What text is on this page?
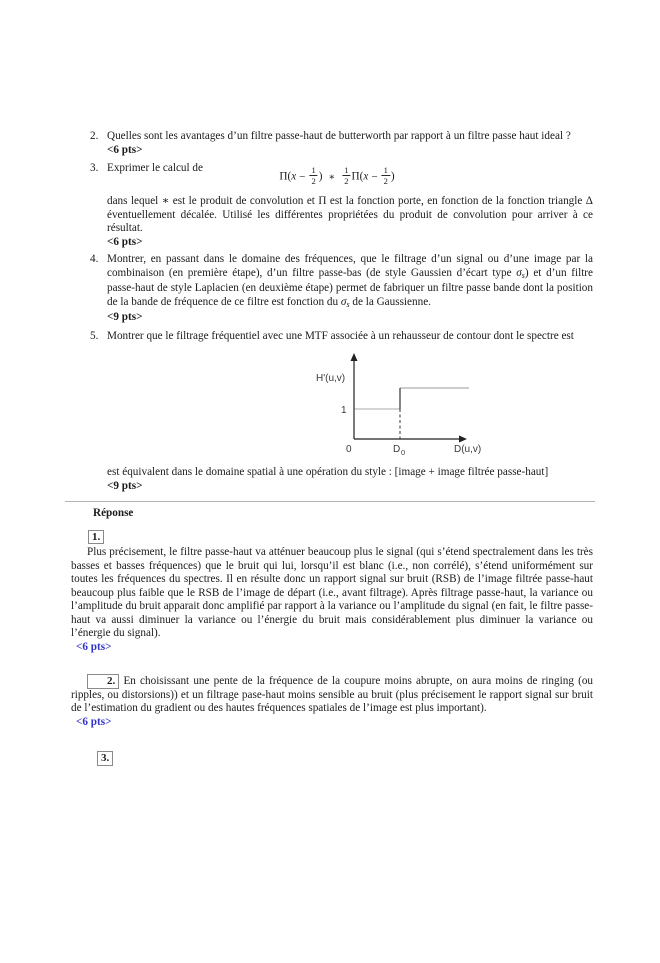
2. Quelles sont les avantages d’un filtre passe-haut de butterworth par rapport à un filtre passe haut ideal ?
<6 pts>
3. Exprimer le calcul de
$\Pi(x - \frac{1}{2}$ ) ∗ $\frac{1}{2} \Pi(x - \frac{1}{2}$ )
dans lequel ∗ est le produit de convolution et Π est la fonction porte, en fonction de la fonction triangle Δ éventuellement décalée. Utilisé les différentes propriétées du produit de convolution pour arriver à ce résultat.
<6 pts>
4. Montrer, en passant dans le domaine des fréquences, que le filtrage d’un signal ou d’une image par la combinaison (en première étape), d’un filtre passe-bas (de style Gaussien d’écart type $\sigma_s$) et d’un filtre passe-haut de style Laplacien (en deuxième étape) permet de fabriquer un filtre passe bande dont la position de la bande de fréquence de ce filtre est fonction du $\sigma_s$ de la Gaussienne.
<9 pts>
5. Montrer que le filtrage fréquentiel avec une MTF associée à un rehausseur de contour dont le spectre est
H'(u,v)
1
0	D 0	D(u,v)
est équivalent dans le domaine spatial à une opération du style : [image + image filtrée passe-haut]
<9 pts>
Réponse
1.

Plus précisement, le filtre passe-haut va atténuer beaucoup plus le signal (qui s’étend spectralement dans les très basses et basses fréquences) que le bruit qui lui, lorsqu’il est blanc (i.e., non corrélé), s’étend uniformément sur toutes les fréquences du spectres. Il en résulte donc un rapport signal sur bruit (RSB) de l’image filtrée passe-haut beaucoup plus faible que le RSB de l’image de départ (i.e., avant filtrage). Après filtrage passe-haut, la variance ou l’amplitude du bruit apparait donc amplifié par rapport à la variance ou l’amplitude du signal (en fait, le filtre passe-haut va aussi diminuer la variance ou l’énergie du bruit mais considérablement plus diminuer la variance ou l’énergie du signal).

<6 pts>

2. En choisissant une pente de la fréquence de la coupure moins abrupte, on aura moins de ringing (ou ripples, ou distorsions)) et un filtrage pase-haut moins sensible au bruit (plus précisement le rapport signal sur bruit de l’estimation du gradient ou des hautes fréquences spatiales de l’image est plus important).

<6 pts>
3.
